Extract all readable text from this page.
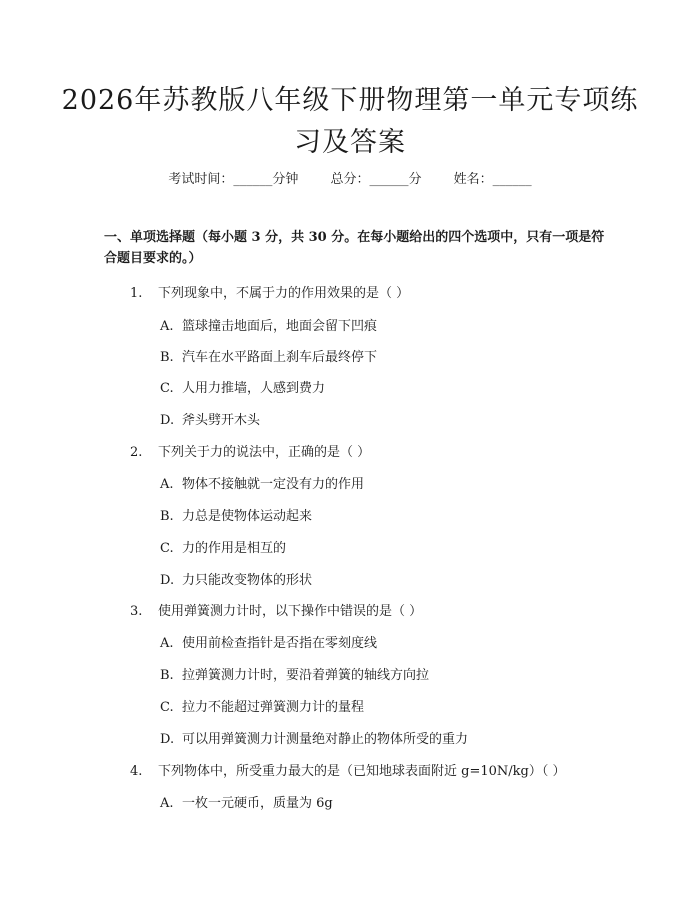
2026年苏教版八年级下册物理第一单元专项练习及答案
考试时间：______分钟 总分：______分 姓名：______
一、单项选择题（每小题 3 分，共 30 分。在每小题给出的四个选项中，只有一项是符合题目要求的。）
1. 下列现象中，不属于力的作用效果的是（ ）
A. 篮球撞击地面后，地面会留下凹痕
B. 汽车在水平路面上刹车后最终停下
C. 人用力推墙，人感到费力
D. 斧头劈开木头
2. 下列关于力的说法中，正确的是（ ）
A. 物体不接触就一定没有力的作用
B. 力总是使物体运动起来
C. 力的作用是相互的
D. 力只能改变物体的形状
3. 使用弹簧测力计时，以下操作中错误的是（ ）
A. 使用前检查指针是否指在零刻度线
B. 拉弹簧测力计时，要沿着弹簧的轴线方向拉
C. 拉力不能超过弹簧测力计的量程
D. 可以用弹簧测力计测量绝对静止的物体所受的重力
4. 下列物体中，所受重力最大的是（已知地球表面附近 g=10N/kg）（ ）
A. 一枚一元硬币，质量为 6g
